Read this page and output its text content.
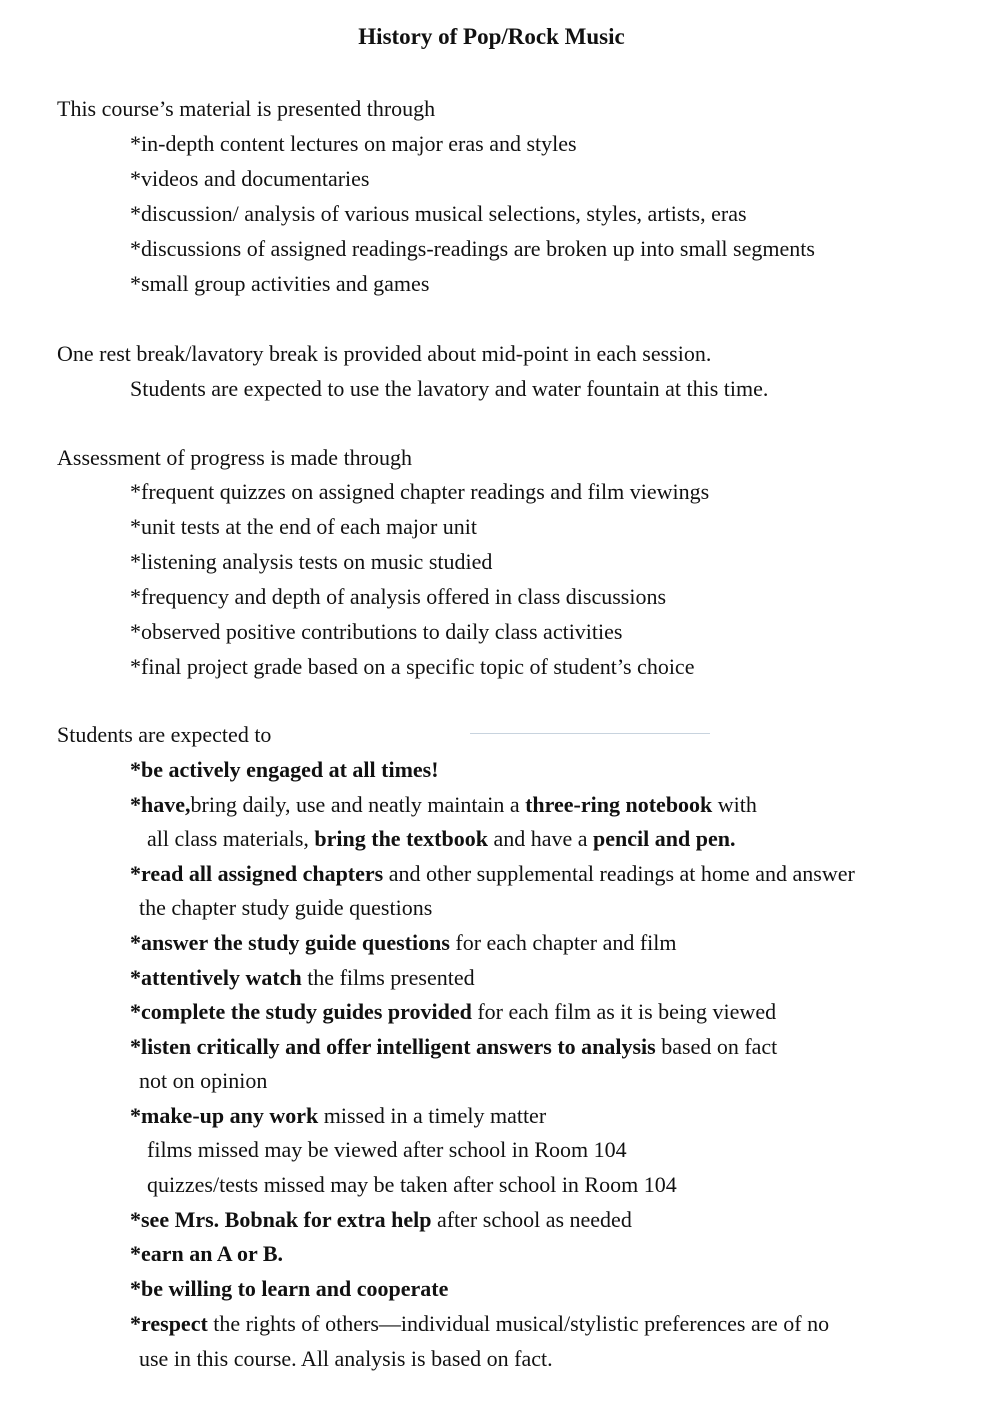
History of Pop/Rock Music
This course’s material is presented through
*in-depth content lectures on major eras and styles
*videos and documentaries
*discussion/ analysis of various musical selections, styles, artists, eras
*discussions of assigned readings-readings are broken up into small segments
*small group activities and games
One rest break/lavatory break is provided about mid-point in each session.
Students are expected to use the lavatory and water fountain at this time.
Assessment of progress is made through
*frequent quizzes on assigned chapter readings and film viewings
*unit tests at the end of each major unit
*listening analysis tests on music studied
*frequency and depth of analysis offered in class discussions
*observed positive contributions to daily class activities
*final project grade based on a specific topic of student’s choice
Students are expected to
*be actively engaged at all times!
*have,bring daily, use and neatly maintain a three-ring notebook with
all class materials, bring the textbook and have a pencil and pen.
*read all assigned chapters and other supplemental readings at home and answer
the chapter study guide questions
*answer the study guide questions for each chapter and film
*attentively watch the films presented
*complete the study guides provided for each film as it is being viewed
*listen critically and offer intelligent answers to analysis based on fact
not on opinion
*make-up any work missed in a timely matter
films missed may be viewed after school in Room 104
quizzes/tests missed may be taken after school in Room 104
*see Mrs. Bobnak for extra help after school as needed
*earn an A or B.
*be willing to learn and cooperate
*respect the rights of others—individual musical/stylistic preferences are of no
use in this course. All analysis is based on fact.
